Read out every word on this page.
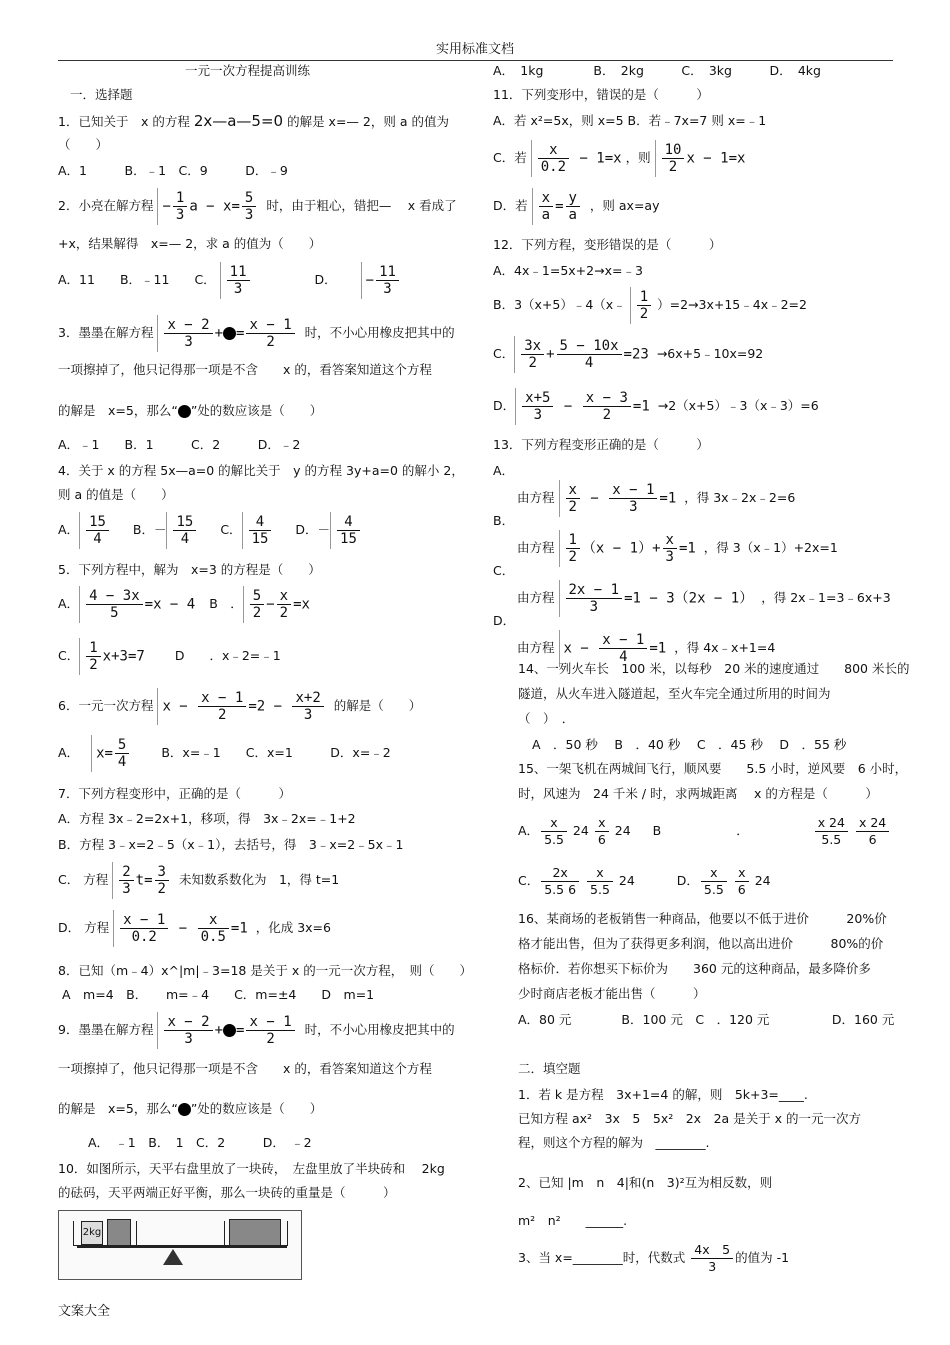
实用标准文档
一元一次方程提高训练
一．选择题
1．已知关于　x 的方程 2x—a—5=0 的解是 x=— 2，则 a 的值为
（　　）
A．1　　　B．﹣1　C．9　　　D．﹣9
2．小亮在解方程 − $\frac{1}{3}$ $a - x= \frac{5}{3}$ 时，由于粗心，错把—　 x 看成了
+x，结果解得　x=— 2，求 a 的值为（　　）
A．11　　B．﹣11　　C． $\frac{11}{3}$	D． − $\frac{11}{3}$
3．墨墨在解方程 $\frac{x - 2}{3}$ + = $\frac{x - 1}{2}$ 时，不小心用橡皮把其中的
一项擦掉了，他只记得那一项是不含　　x 的，看答案知道这个方程
的解是　x=5，那么“ ”处的数应该是（　　）
A．﹣1　　B．1　　　C．2　　　D．﹣2
4．关于 x 的方程 5x—a=0 的解比关于　y 的方程 3y+a=0 的解小 2，
则 a 的值是（　　）
A． $\frac{15}{4}$ B．－ $\frac{15}{4}$ C． $\frac{4}{15}$ D．－ $\frac{4}{15}$
5．下列方程中，解为　x=3 的方程是（　　）
A． $\frac{4 - 3x}{5} =x - 4$ B　． $\frac{5}{2} - \frac{x}{2} =x$
C． $\frac{1}{2} x+3=7$ D　　．x﹣2=﹣1
6．一元一次方程 $x - \frac{x - 1}{2} =2 - \frac{x+2}{3}$ 的解是（　　）
A． $x= \frac{5}{4}$	B．x=﹣1　　C．x=1　　　D．x=﹣2
7．下列方程变形中，正确的是（　　　）
A．方程 3x﹣2=2x+1，移项，得　3x﹣2x=﹣1+2
B．方程 3﹣x=2﹣5（x﹣1），去括号，得　3﹣x=2﹣5x﹣1
C． 方程 $\frac{2}{3} t= \frac{3}{2}$ 未知数系数化为　1，得 t=1
D． 方程 $\frac{x - 1}{0.2} - \frac{x}{0.5} =1$ ，化成 3x=6
8．已知（m﹣4）x^|m|﹣3=18 是关于 x 的一元一次方程，　则（　　）
A　m=4　B．　　m=﹣4　　C．m=±4　　D　m=1
9．墨墨在解方程 $\frac{x - 2}{3}$ + = $\frac{x - 1}{2}$ 时，不小心用橡皮把其中的
一项擦掉了，他只记得那一项是不含　　x 的，看答案知道这个方程
的解是　x=5，那么“ ”处的数应该是（　　）
A．　﹣1　B．　1　C．2　　　D．　﹣2
10．如图所示，天平右盘里放了一块砖，　左盘里放了半块砖和　 2kg
的砝码，天平两端正好平衡，那么一块砖的重量是（　　　）
2kg
A．　1kg　　　　B．　2kg　　　C．　3kg　　　D．　4kg
11．下列变形中，错误的是（　　　）
A．若 x²=5x，则 x=5 B．若﹣7x=7 则 x=﹣1
C．若 $\frac{x}{0.2} - 1=x$ ，则 $\frac{10}{2}$ x − 1=x
D．若 $\frac{x}{a} = \frac{y}{a}$ ，则 ax=ay
12．下列方程，变形错误的是（　　　）
A．4x﹣1=5x+2→x=﹣3
B．3（x+5）﹣4（x﹣ $\frac{1}{2}$ ）=2→3x+15﹣4x﹣2=2
C． $\frac{3x}{2} + \frac{5 - 10x}{4} =23$ →6x+5﹣10x=92
D． $\frac{x+5}{3} - \frac{x - 3}{2} =1$ →2（x+5）﹣3（x﹣3）=6
13．下列方程变形正确的是（　　　）
A．
由方程 $\frac{x}{2} - \frac{x - 1}{3} =1$ ，得 3x﹣2x﹣2=6
B．
由方程 $\frac{1}{2} (x - 1)+ \frac{x}{3} =1$ ，得 3（x﹣1）+2x=1
C．
由方程 $\frac{2x - 1}{3} =1 - 3(2x - 1)$ ，得 2x﹣1=3﹣6x+3
D．
由方程 $x - \frac{x - 1}{4} =1$ ，得 4x﹣x+1=4
14、一列火车长　100 米，以每秒　20 米的速度通过　　800 米长的
隧道，从火车进入隧道起，至火车完全通过所用的时间为
（　）　．
A　．50 秒　 B　．40 秒　 C　．45 秒　 D　．55 秒
15、一架飞机在两城间飞行，顺风要　　5.5 小时，逆风要　6 小时，
时，风速为　24 千米 / 时，求两城距离　 x 的方程是（　　　）
A． $\frac{x}{5.5} 24 \frac{x}{6} 24$ B　　　　　　．	$\frac{x 24}{5.5}$
$\frac{x 24}{6}$
C． $\frac{2x}{5.5 6}$
$\frac{x}{5.5} 24$	D． $\frac{x}{5.5}$
$\frac{x}{6} 24$
16、某商场的老板销售一种商品，他要以不低于进价　　　20%价
格才能出售，但为了获得更多利润，他以高出进价　　　80%的价
格标价．若你想买下标价为　　360 元的这种商品，最多降价多
少时商店老板才能出售（　　　）
A．80 元　　　　B．100 元　C　．120 元　　　　　D．160 元
二．填空题
1．若 k 是方程　3x+1=4 的解，则　5k+3=____.
已知方程 ax²　3x　5　5x²　2x　2a 是关于 x 的一元一次方
程，则这个方程的解为　________.
2、已知 |m　n　4|和(n　3)²互为相反数，则
m²　n²　　______.
3、当 x=________时，代数式 $\frac{4x 5}{3}$ 的值为 -1
文案大全
